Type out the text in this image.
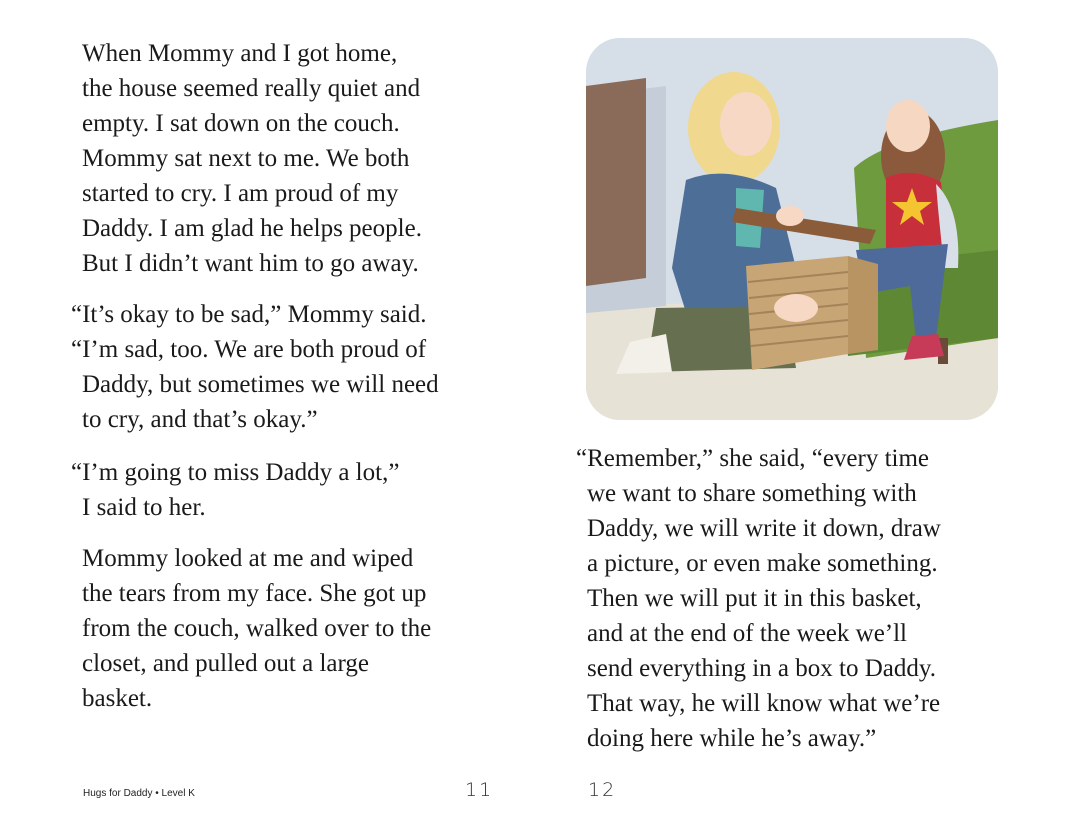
When Mommy and I got home,
the house seemed really quiet and
empty. I sat down on the couch.
Mommy sat next to me. We both
started to cry. I am proud of my
Daddy. I am glad he helps people.
But I didn’t want him to go away.

“It’s okay to be sad,” Mommy said.
“I’m sad, too. We are both proud of
Daddy, but sometimes we will need
to cry, and that’s okay.”

“I’m going to miss Daddy a lot,”
I said to her.

Mommy looked at me and wiped
the tears from my face. She got up
from the couch, walked over to the
closet, and pulled out a large
basket.

Hugs for Daddy • Level K	11

“Remember,” she said, “every time
we want to share something with
Daddy, we will write it down, draw
a picture, or even make something.
Then we will put it in this basket,
and at the end of the week we’ll
send everything in a box to Daddy.
That way, he will know what we’re
doing here while he’s away.”

12
